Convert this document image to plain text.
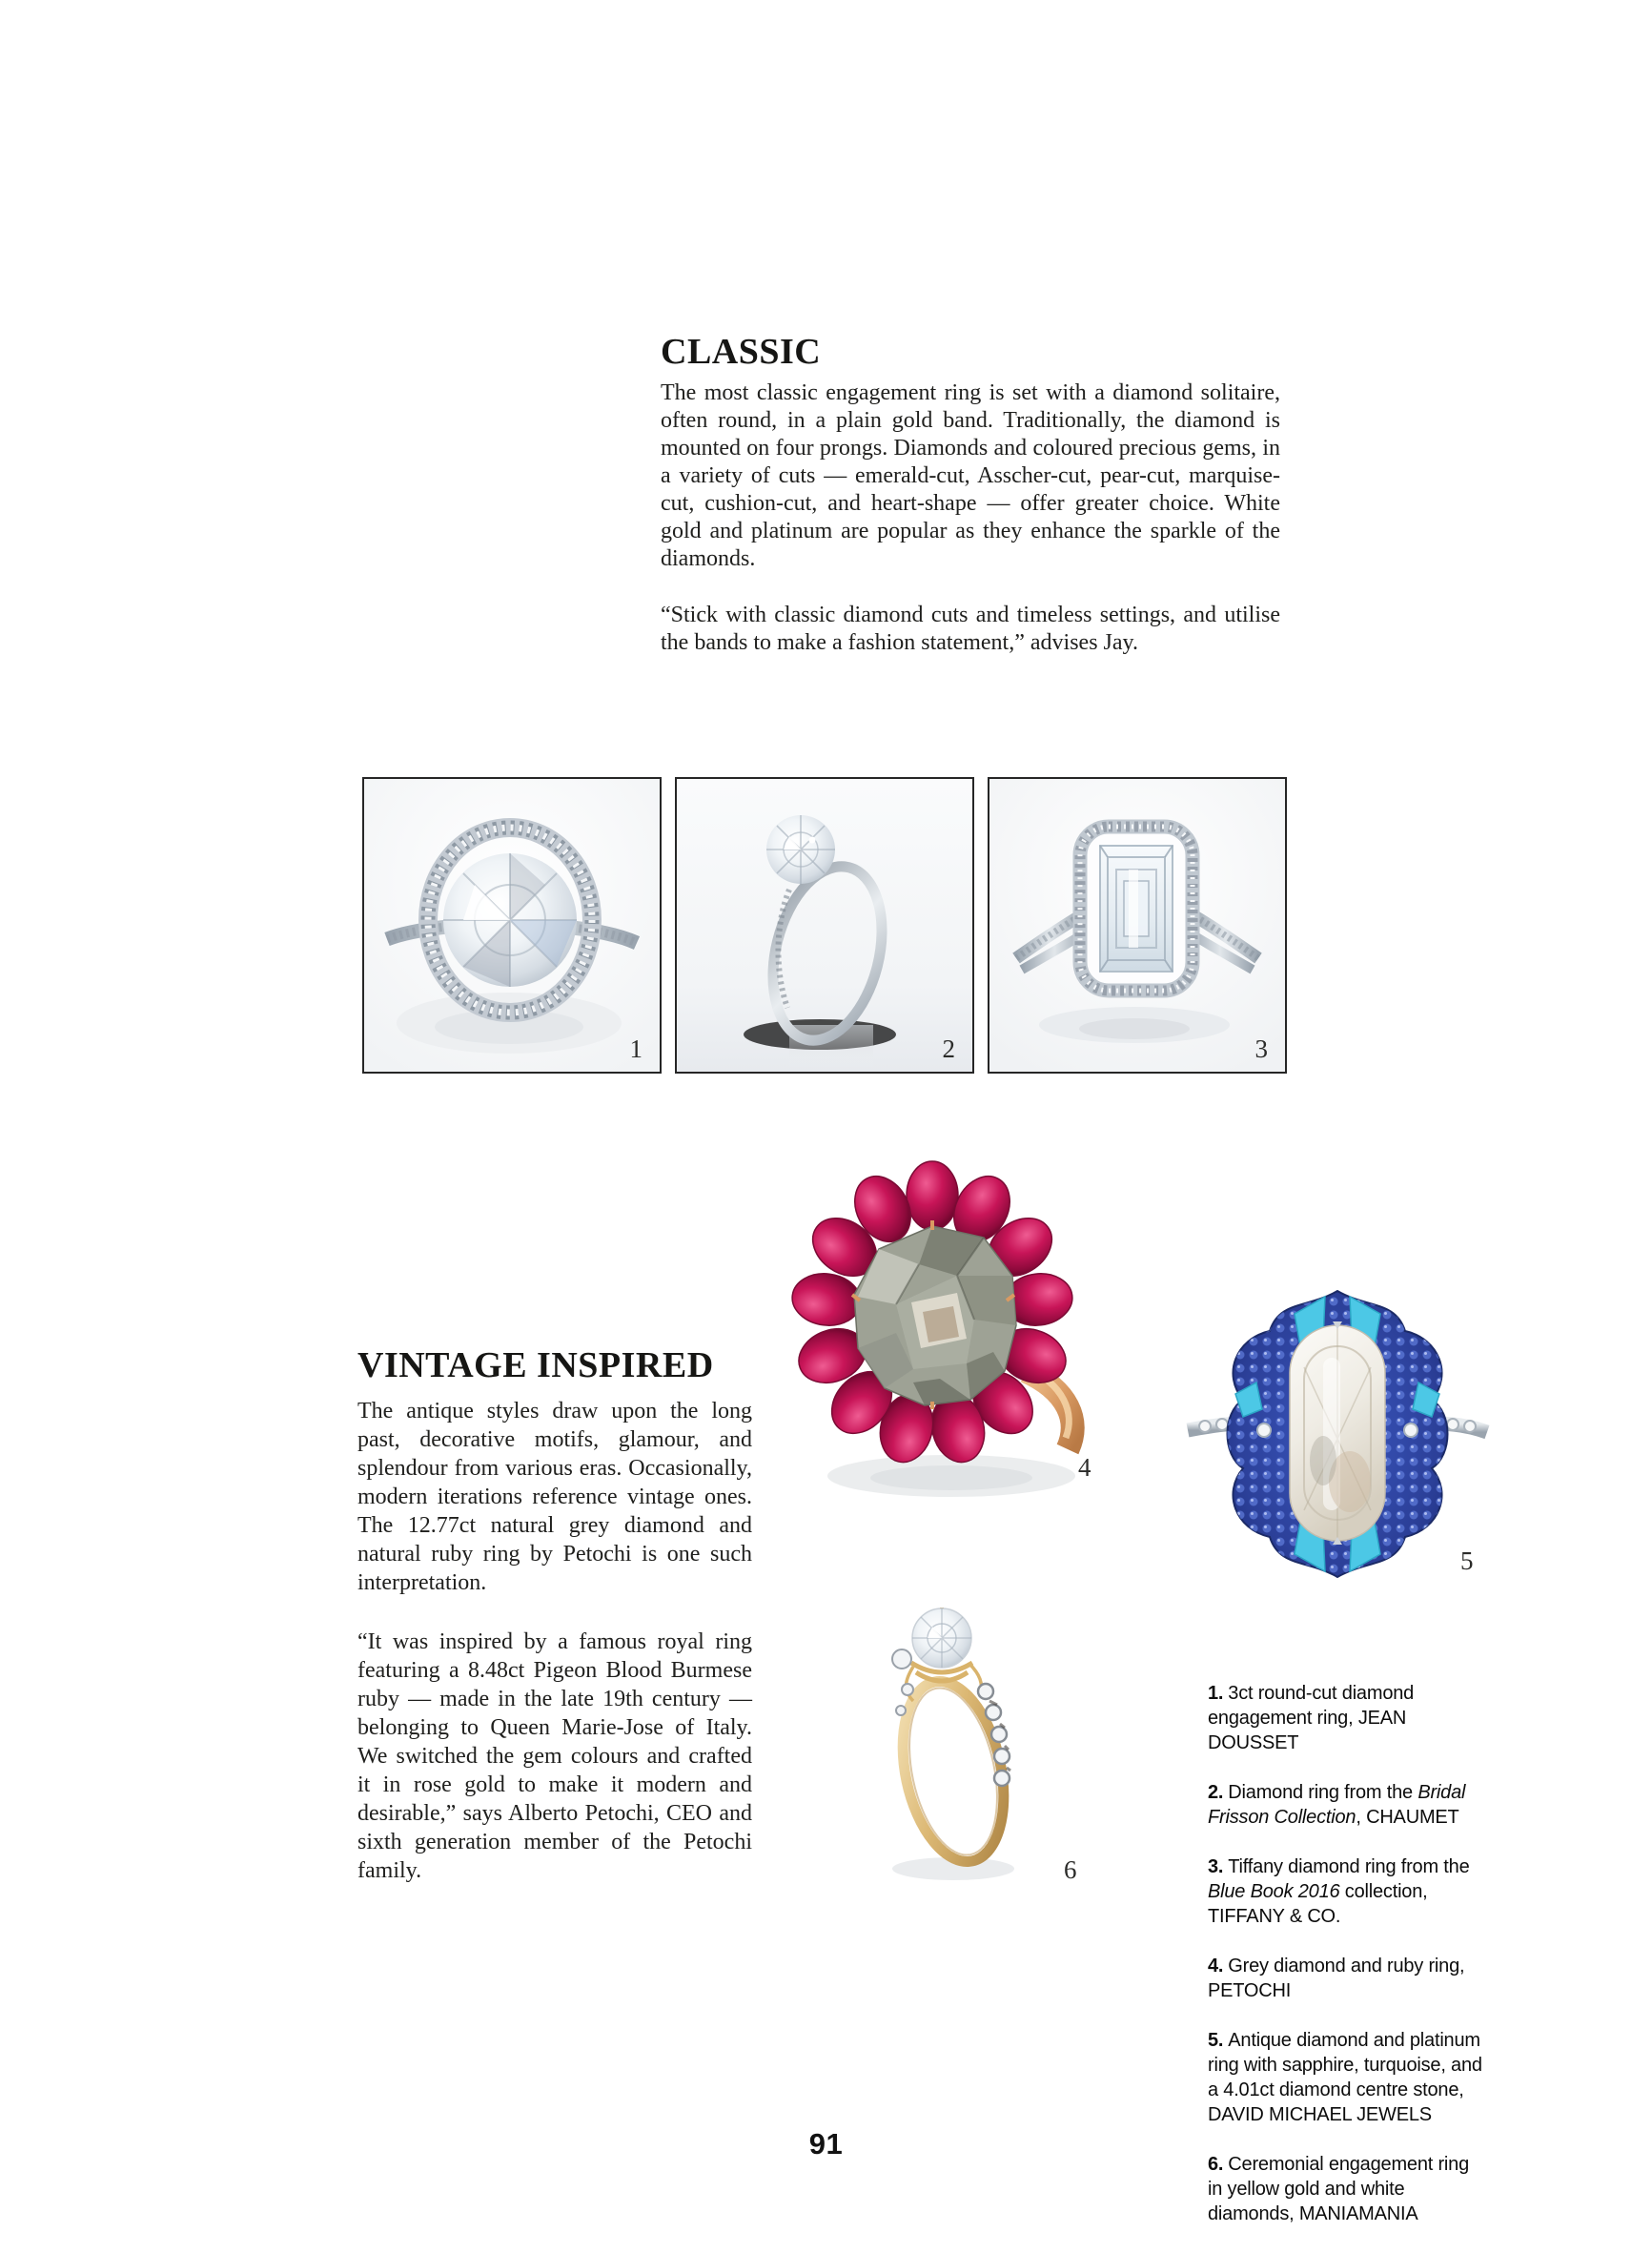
CLASSIC

The most classic engagement ring is set with a diamond solitaire, often round, in a plain gold band. Traditionally, the diamond is mounted on four prongs. Diamonds and coloured precious gems, in a variety of cuts — emerald-cut, Asscher-cut, pear-cut, marquise-cut, cushion-cut, and heart-shape — offer greater choice. White gold and platinum are popular as they enhance the sparkle of the diamonds.

“Stick with classic diamond cuts and timeless settings, and utilise the bands to make a fashion statement,” advises Jay.

1	2	3
VINTAGE INSPIRED

The antique styles draw upon the long past, decorative motifs, glamour, and splendour from various eras. Occasionally, modern iterations reference vintage ones. The 12.77ct natural grey diamond and natural ruby ring by Petochi is one such interpretation.

“It was inspired by a famous royal ring featuring a 8.48ct Pigeon Blood Burmese ruby — made in the late 19th century — belonging to Queen Marie-Jose of Italy. We switched the gem colours and crafted it in rose gold to make it modern and desirable,” says Alberto Petochi, CEO and sixth generation member of the Petochi family.

4
5
6
1. 3ct round-cut diamond engagement ring, JEAN DOUSSET
2. Diamond ring from the Bridal Frisson Collection, CHAUMET
3. Tiffany diamond ring from the Blue Book 2016 collection, TIFFANY & CO.
4. Grey diamond and ruby ring, PETOCHI
5. Antique diamond and platinum ring with sapphire, turquoise, and a 4.01ct diamond centre stone, DAVID MICHAEL JEWELS
6. Ceremonial engagement ring in yellow gold and white diamonds, MANIAMANIA
91
